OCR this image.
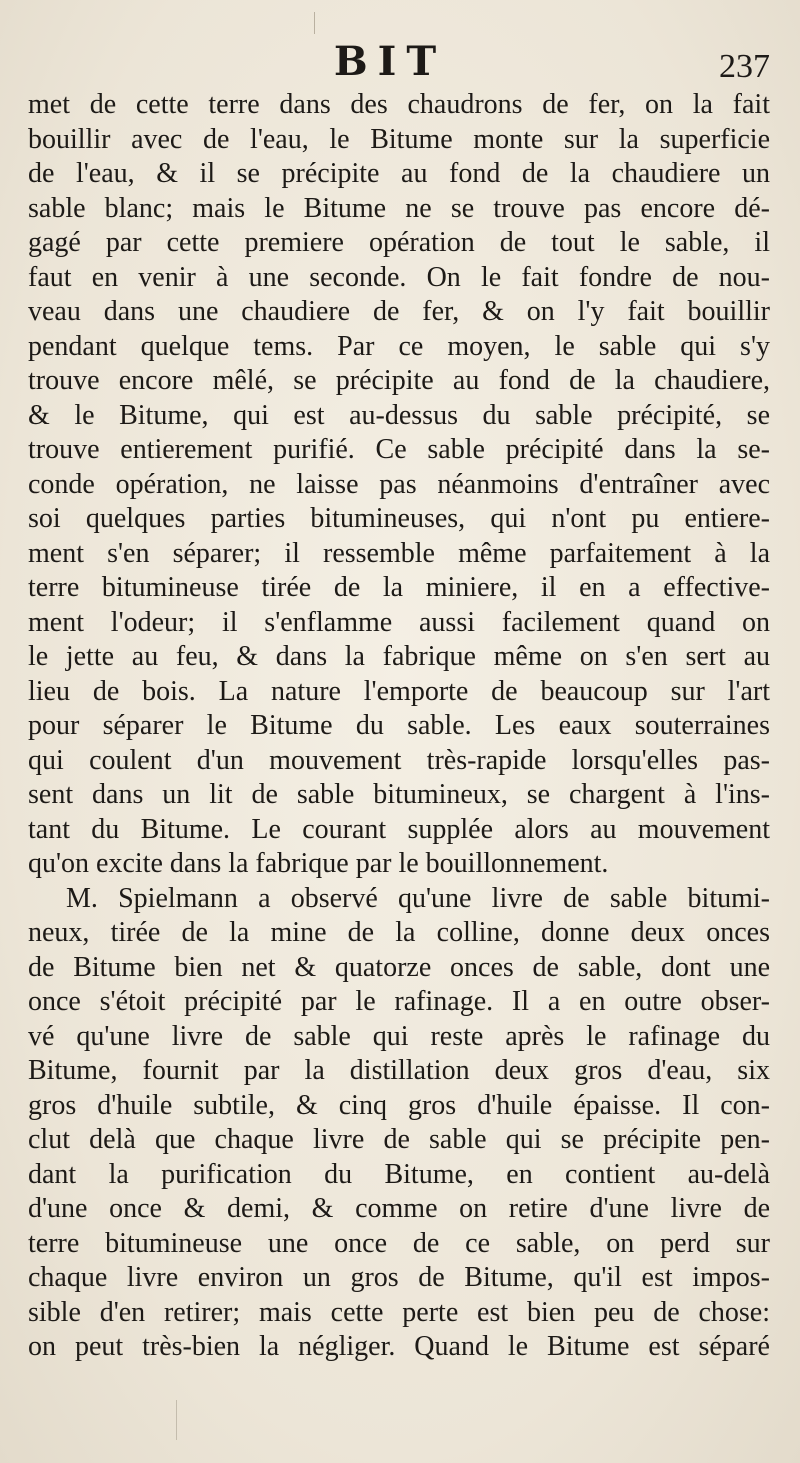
BIT	237
met de cette terre dans des chaudrons de fer, on la fait
bouillir avec de l'eau, le Bitume monte sur la superficie
de l'eau, & il se précipite au fond de la chaudiere un
sable blanc; mais le Bitume ne se trouve pas encore dé-
gagé par cette premiere opération de tout le sable, il
faut en venir à une seconde. On le fait fondre de nou-
veau dans une chaudiere de fer, & on l'y fait bouillir
pendant quelque tems. Par ce moyen, le sable qui s'y
trouve encore mêlé, se précipite au fond de la chaudiere,
& le Bitume, qui est au-dessus du sable précipité, se
trouve entierement purifié. Ce sable précipité dans la se-
conde opération, ne laisse pas néanmoins d'entraîner avec
soi quelques parties bitumineuses, qui n'ont pu entiere-
ment s'en séparer; il ressemble même parfaitement à la
terre bitumineuse tirée de la miniere, il en a effective-
ment l'odeur; il s'enflamme aussi facilement quand on
le jette au feu, & dans la fabrique même on s'en sert au
lieu de bois. La nature l'emporte de beaucoup sur l'art
pour séparer le Bitume du sable. Les eaux souterraines
qui coulent d'un mouvement très-rapide lorsqu'elles pas-
sent dans un lit de sable bitumineux, se chargent à l'ins-
tant du Bitume. Le courant supplée alors au mouvement
qu'on excite dans la fabrique par le bouillonnement.
M. Spielmann a observé qu'une livre de sable bitumi-
neux, tirée de la mine de la colline, donne deux onces
de Bitume bien net & quatorze onces de sable, dont une
once s'étoit précipité par le rafinage. Il a en outre obser-
vé qu'une livre de sable qui reste après le rafinage du
Bitume, fournit par la distillation deux gros d'eau, six
gros d'huile subtile, & cinq gros d'huile épaisse. Il con-
clut delà que chaque livre de sable qui se précipite pen-
dant la purification du Bitume, en contient au-delà
d'une once & demi, & comme on retire d'une livre de
terre bitumineuse une once de ce sable, on perd sur
chaque livre environ un gros de Bitume, qu'il est impos-
sible d'en retirer; mais cette perte est bien peu de chose:
on peut très-bien la négliger. Quand le Bitume est séparé
